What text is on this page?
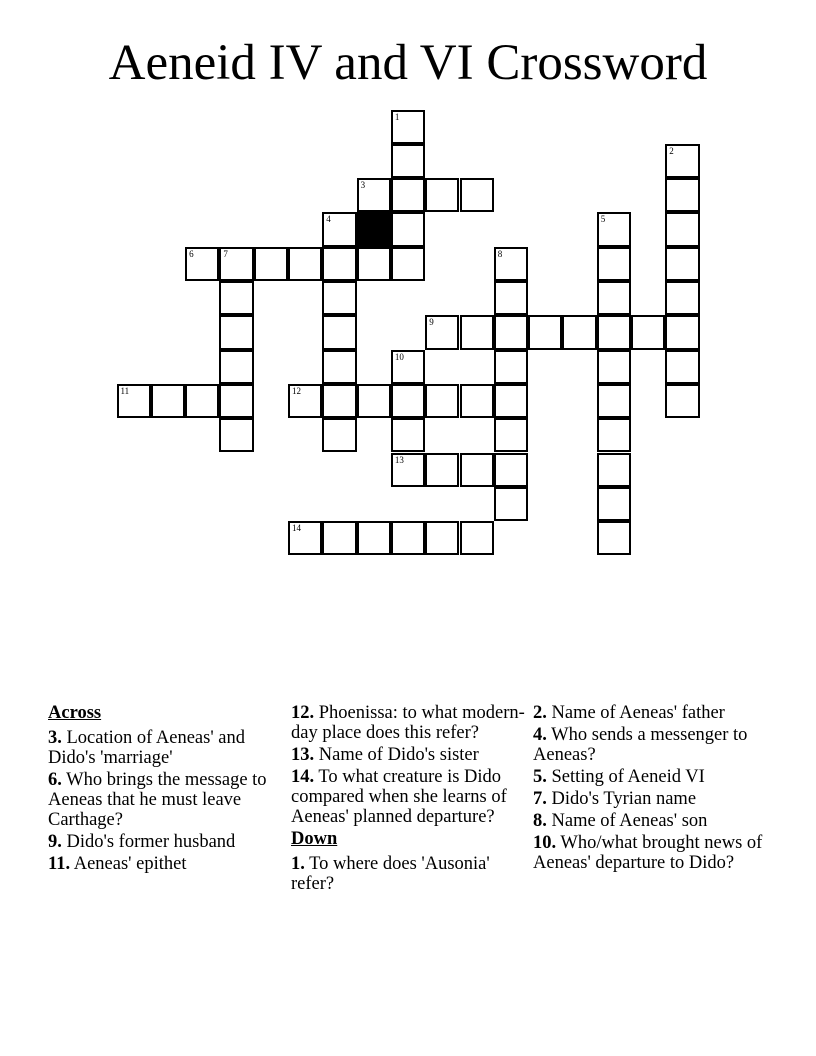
Aeneid IV and VI Crossword
1
2
3
4	5
6	7	8
9
10
11	12
13
14
Across
3. Location of Aeneas' and Dido's 'marriage'
6. Who brings the message to Aeneas that he must leave Carthage?
9. Dido's former husband
11. Aeneas' epithet
12. Phoenissa: to what modern-day place does this refer?
13. Name of Dido's sister
14. To what creature is Dido compared when she learns of Aeneas' planned departure?
Down
1. To where does 'Ausonia' refer?
2. Name of Aeneas' father
4. Who sends a messenger to Aeneas?
5. Setting of Aeneid VI
7. Dido's Tyrian name
8. Name of Aeneas' son
10. Who/what brought news of Aeneas' departure to Dido?
